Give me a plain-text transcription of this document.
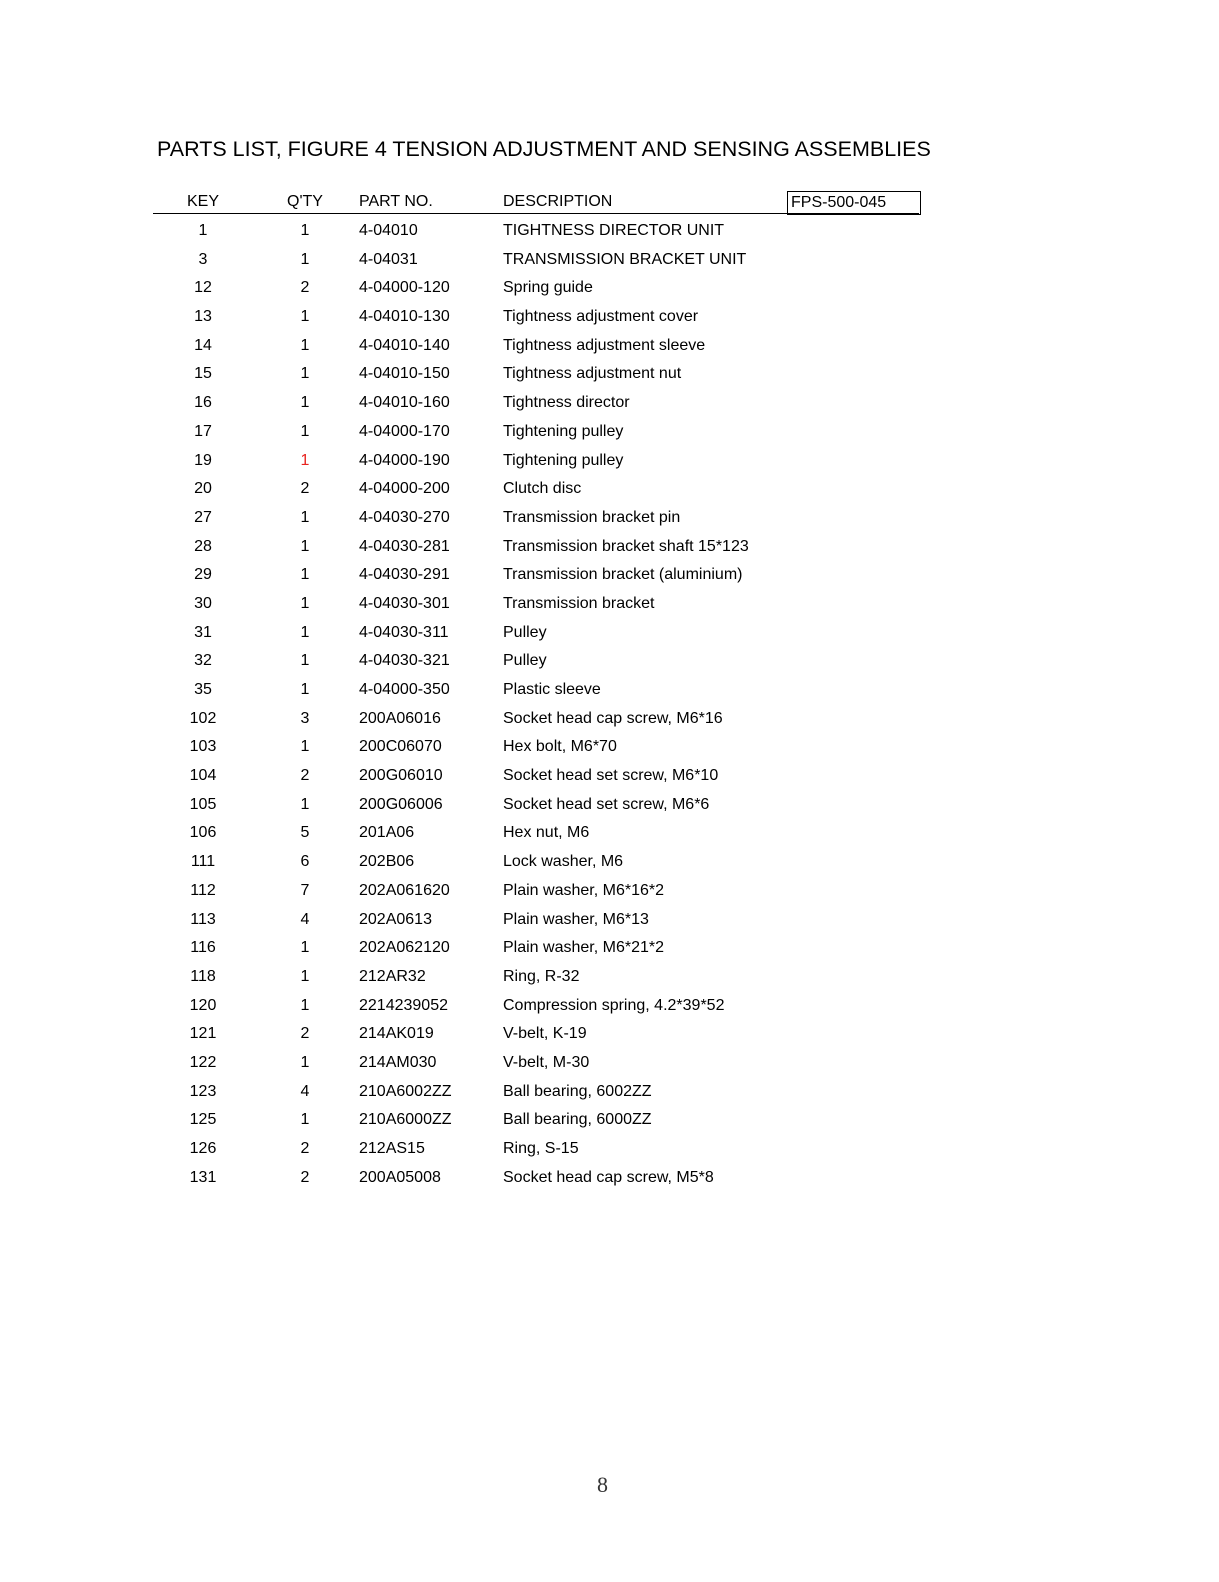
PARTS LIST, FIGURE 4 TENSION ADJUSTMENT AND SENSING ASSEMBLIES
KEY	Q'TY	PART NO.	DESCRIPTION	FPS-500-045
1	1	4-04010	TIGHTNESS DIRECTOR UNIT
3	1	4-04031	TRANSMISSION BRACKET UNIT
12	2	4-04000-120	Spring guide
13	1	4-04010-130	Tightness adjustment cover
14	1	4-04010-140	Tightness adjustment sleeve
15	1	4-04010-150	Tightness adjustment nut
16	1	4-04010-160	Tightness director
17	1	4-04000-170	Tightening pulley
19	1	4-04000-190	Tightening pulley
20	2	4-04000-200	Clutch disc
27	1	4-04030-270	Transmission bracket pin
28	1	4-04030-281	Transmission bracket shaft 15*123
29	1	4-04030-291	Transmission bracket (aluminium)
30	1	4-04030-301	Transmission bracket
31	1	4-04030-311	Pulley
32	1	4-04030-321	Pulley
35	1	4-04000-350	Plastic sleeve
102	3	200A06016	Socket head cap screw, M6*16
103	1	200C06070	Hex bolt, M6*70
104	2	200G06010	Socket head set screw, M6*10
105	1	200G06006	Socket head set screw, M6*6
106	5	201A06	Hex nut, M6
111	6	202B06	Lock washer, M6
112	7	202A061620	Plain washer, M6*16*2
113	4	202A0613	Plain washer, M6*13
116	1	202A062120	Plain washer, M6*21*2
118	1	212AR32	Ring, R-32
120	1	2214239052	Compression spring, 4.2*39*52
121	2	214AK019	V-belt, K-19
122	1	214AM030	V-belt, M-30
123	4	210A6002ZZ	Ball bearing, 6002ZZ
125	1	210A6000ZZ	Ball bearing, 6000ZZ
126	2	212AS15	Ring, S-15
131	2	200A05008	Socket head cap screw, M5*8
8
